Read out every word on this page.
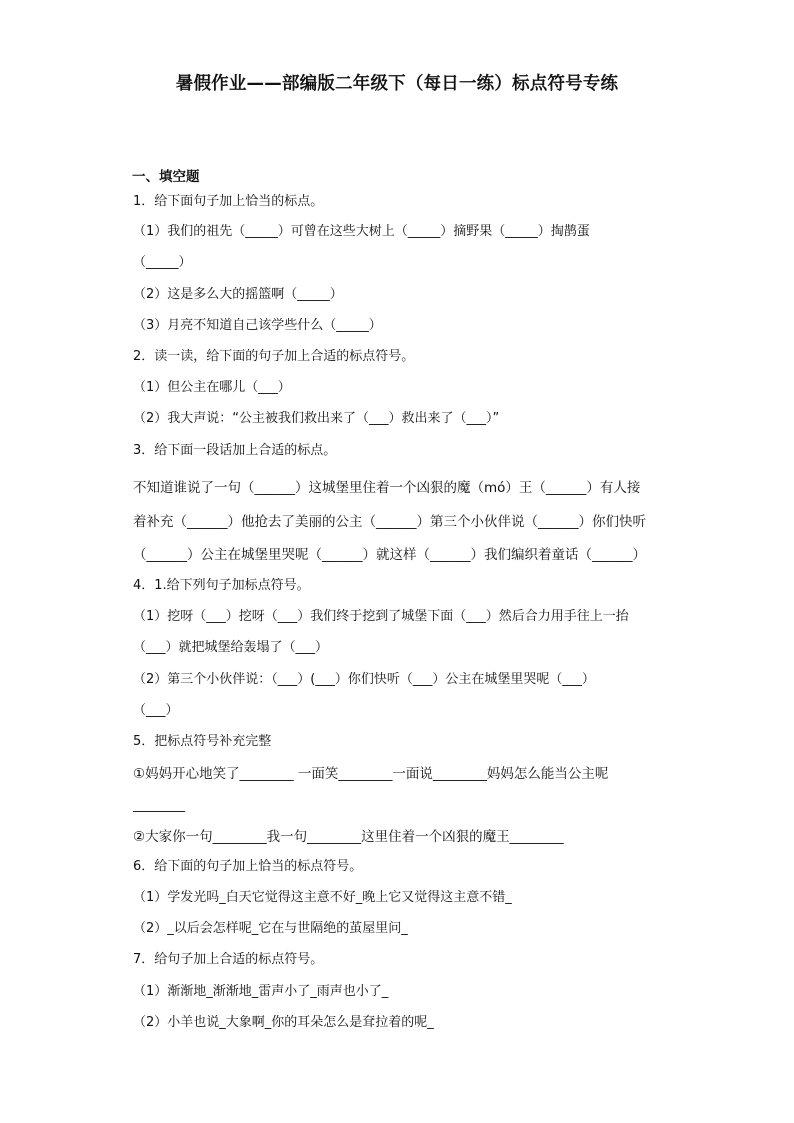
暑假作业——部编版二年级下（每日一练）标点符号专练
一、填空题
1．给下面句子加上恰当的标点。
（1）我们的祖先（_____）可曾在这些大树上（_____）摘野果（_____）掏鹊蛋
（_____）
（2）这是多么大的摇篮啊（_____）
（3）月亮不知道自己该学些什么（_____）
2．读一读，给下面的句子加上合适的标点符号。
（1）但公主在哪儿（___）
（2）我大声说：“公主被我们救出来了（___）救出来了（___）”
3．给下面一段话加上合适的标点。
不知道谁说了一句（______）这城堡里住着一个凶狠的魔（mó）王（______）有人接
着补充（______）他抢去了美丽的公主（______）第三个小伙伴说（______）你们快听
（______）公主在城堡里哭呢（______）就这样（______）我们编织着童话（______）
4．1.给下列句子加标点符号。
（1）挖呀（___）挖呀（___）我们终于挖到了城堡下面（___）然后合力用手往上一抬
（___）就把城堡给轰塌了（___）
（2）第三个小伙伴说：（___）(___）你们快听（___）公主在城堡里哭呢（___）
（___）
5．把标点符号补充完整
①妈妈开心地笑了________ 一面笑________一面说________妈妈怎么能当公主呢
________
②大家你一句________我一句________这里住着一个凶狠的魔王________
6．给下面的句子加上恰当的标点符号。
（1）学发光吗_白天它觉得这主意不好_晚上它又觉得这主意不错_
（2）_以后会怎样呢_它在与世隔绝的茧屋里问_
7．给句子加上合适的标点符号。
（1）渐渐地_渐渐地_雷声小了_雨声也小了_
（2）小羊也说_大象啊_你的耳朵怎么是耷拉着的呢_
